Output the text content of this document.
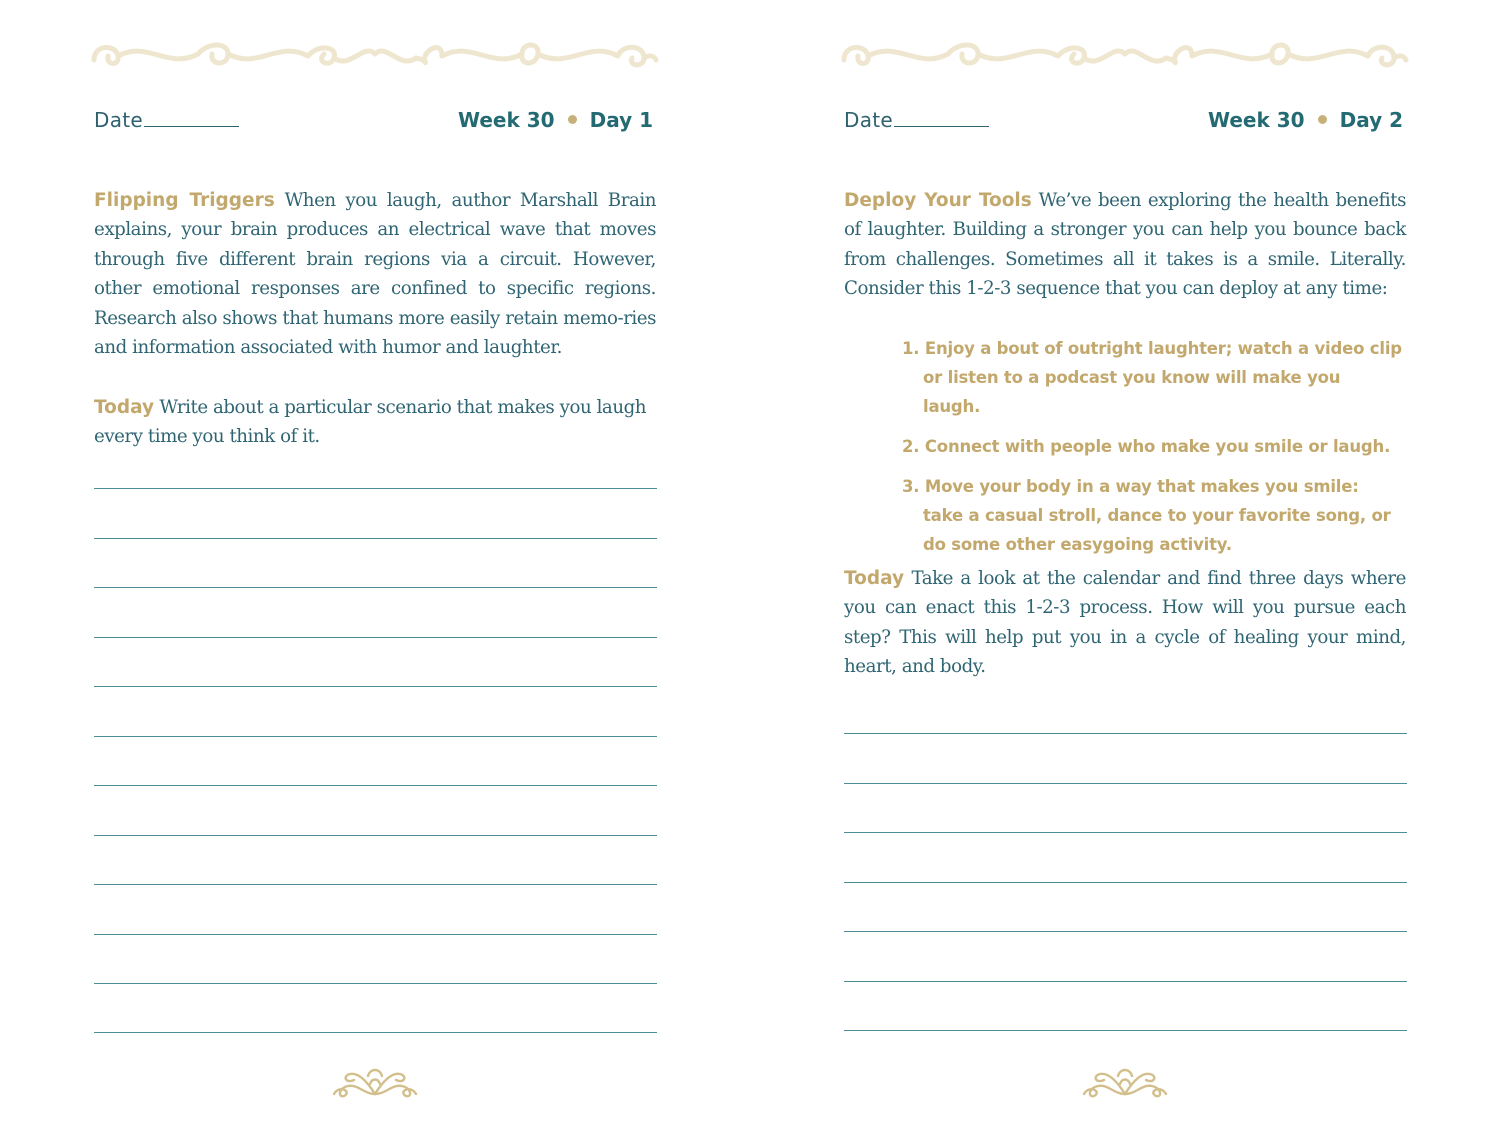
Date	Week 30 Day 1
Flipping Triggers When you laugh, author Marshall Brain explains, your brain produces an electrical wave that moves through five different brain regions via a circuit. However, other emotional responses are confined to specific regions. Research also shows that humans more easily retain memo-ries and information associated with humor and laughter.
Today Write about a particular scenario that makes you laugh every time you think of it.
Date	Week 30 Day 2
Deploy Your Tools We’ve been exploring the health benefits of laughter. Building a stronger you can help you bounce back from challenges. Sometimes all it takes is a smile. Literally. Consider this 1-2-3 sequence that you can deploy at any time:
1. Enjoy a bout of outright laughter; watch a video clip or listen to a podcast you know will make you laugh.
2. Connect with people who make you smile or laugh.
3. Move your body in a way that makes you smile: take a casual stroll, dance to your favorite song, or do some other easygoing activity.
Today Take a look at the calendar and find three days where you can enact this 1-2-3 process. How will you pursue each step? This will help put you in a cycle of healing your mind, heart, and body.
